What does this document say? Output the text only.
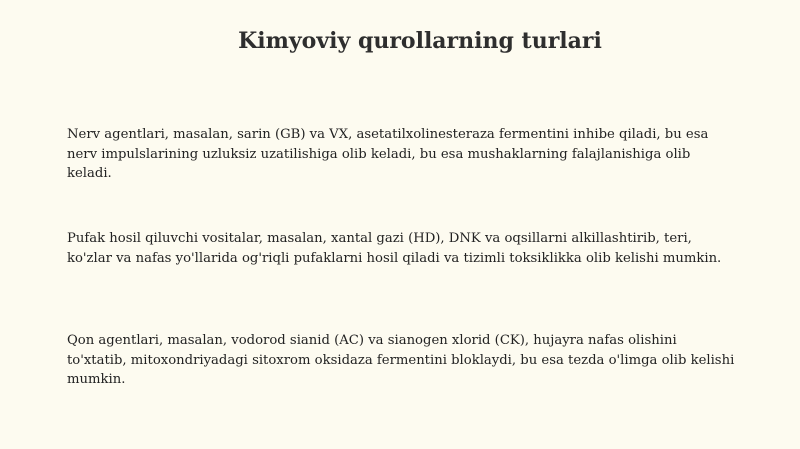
Kimyoviy qurollarning turlari

Nerv agentlari, masalan, sarin (GB) va VX, asetatilxolinesteraza fermentini inhibe qiladi, bu esa nerv impulslarining uzluksiz uzatilishiga olib keladi, bu esa mushaklarning falajlanishiga olib keladi.

Pufak hosil qiluvchi vositalar, masalan, xantal gazi (HD), DNK va oqsillarni alkillashtirib, teri, ko'zlar va nafas yo'llarida og'riqli pufaklarni hosil qiladi va tizimli toksiklikka olib kelishi mumkin.

Qon agentlari, masalan, vodorod sianid (AC) va sianogen xlorid (CK), hujayra nafas olishini to'xtatib, mitoxondriyadagi sitoxrom oksidaza fermentini bloklaydi, bu esa tezda o'limga olib kelishi mumkin.
